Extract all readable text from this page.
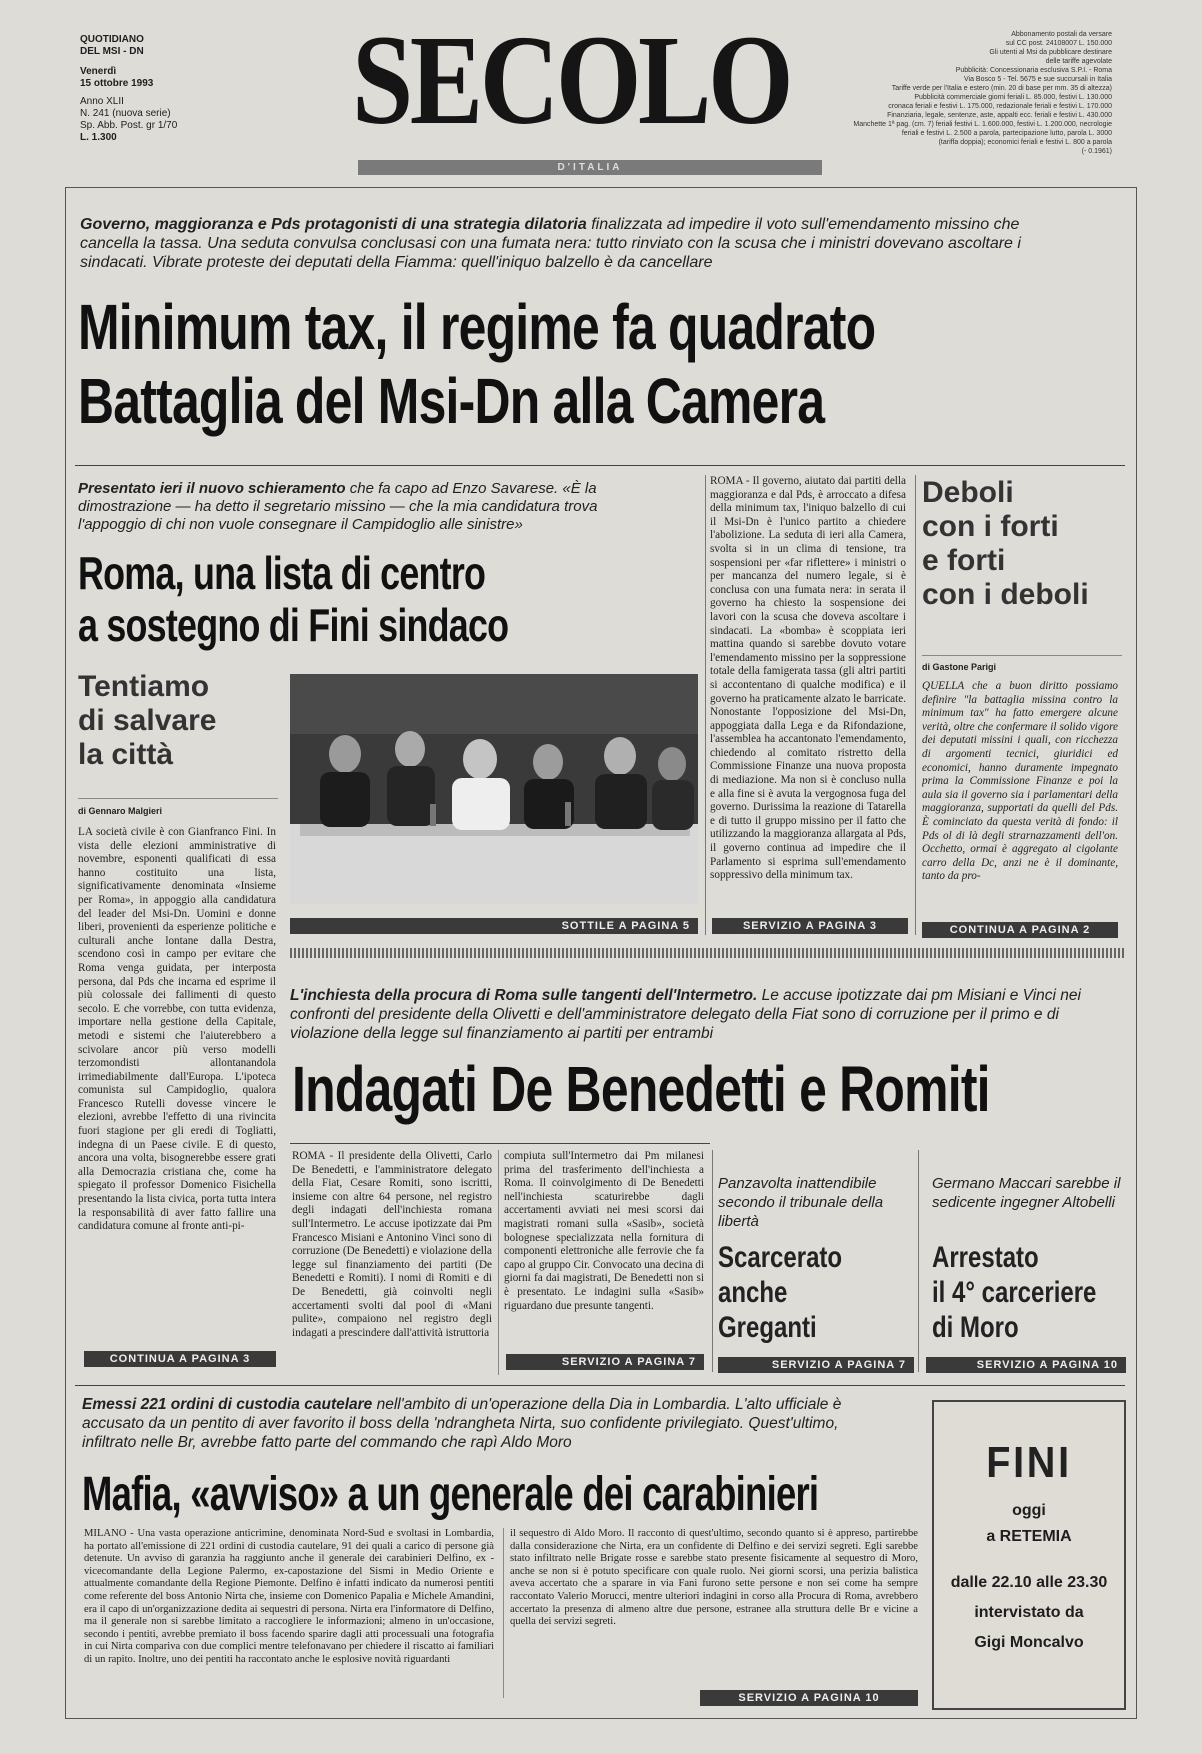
QUOTIDIANO
DEL MSI - DN
Venerdì
15 ottobre 1993
Anno XLII
N. 241 (nuova serie)
Sp. Abb. Post. gr 1/70
L. 1.300	SECOLO
D'ITALIA
Abbonamento postali da versare
sul CC post. 24108007 L. 150.000
Gli utenti al Msi da pubblicare destinare
delle tariffe agevolate
Pubblicità: Concessionaria esclusiva S.P.I. - Roma
Via Bosco 5 - Tel. 5675 e sue succursali in Italia
Tariffe verde per l'Italia e estero (min. 20 di base per mm. 35 di altezza)
Pubblicità commerciale giorni feriali L. 85.000, festivi L. 130.000
cronaca feriali e festivi L. 175.000, redazionale feriali e festivi L. 170.000
Finanziaria, legale, sentenze, aste, appalti ecc. feriali e festivi L. 430.000
Manchette 1ª pag. (cm. 7) feriali festivi L. 1.600.000, festivi L. 1.200.000, necrologie
feriali e festivi L. 2.500 a parola, partecipazione lutto, parola L. 3000
(tariffa doppia); economici feriali e festivi L. 800 a parola
(- 0.1961)
Governo, maggioranza e Pds protagonisti di una strategia dilatoria finalizzata ad impedire il voto sull'emendamento missino che cancella la tassa. Una seduta convulsa conclusasi con una fumata nera: tutto rinviato con la scusa che i ministri dovevano ascoltare i sindacati. Vibrate proteste dei deputati della Fiamma: quell'iniquo balzello è da cancellare
Minimum tax, il regime fa quadrato
Battaglia del Msi-Dn alla Camera
Presentato ieri il nuovo schieramento che fa capo ad Enzo Savarese. «È la dimostrazione — ha detto il segretario missino — che la mia candidatura trova l'appoggio di chi non vuole consegnare il Campidoglio alle sinistre»
Roma, una lista di centro
a sostegno di Fini sindaco
Tentiamo
di salvare
la città
di Gennaro Malgieri
LA società civile è con Gianfranco Fini. In vista delle elezioni amministrative di novembre, esponenti qualificati di essa hanno costituito una lista, significativamente denominata «Insieme per Roma», in appoggio alla candidatura del leader del Msi-Dn. Uomini e donne liberi, provenienti da esperienze politiche e culturali anche lontane dalla Destra, scendono così in campo per evitare che Roma venga guidata, per interposta persona, dal Pds che incarna ed esprime il più colossale dei fallimenti di questo secolo. E che vorrebbe, con tutta evidenza, importare nella gestione della Capitale, metodi e sistemi che l'aiuterebbero a scivolare ancor più verso modelli terzomondisti allontanandola irrimediabilmente dall'Europa. L'ipoteca comunista sul Campidoglio, qualora Francesco Rutelli dovesse vincere le elezioni, avrebbe l'effetto di una rivincita fuori stagione per gli eredi di Togliatti, indegna di un Paese civile. E di questo, ancora una volta, bisognerebbe essere grati alla Democrazia cristiana che, come ha spiegato il professor Domenico Fisichella presentando la lista civica, porta tutta intera la responsabilità di aver fatto fallire una candidatura comune al fronte anti-pi-
CONTINUA A PAGINA 3
SOTTILE A PAGINA 5
ROMA - Il governo, aiutato dai partiti della maggioranza e dal Pds, è arroccato a difesa della minimum tax, l'iniquo balzello di cui il Msi-Dn è l'unico partito a chiedere l'abolizione. La seduta di ieri alla Camera, svolta si in un clima di tensione, tra sospensioni per «far riflettere» i ministri o per mancanza del numero legale, si è conclusa con una fumata nera: in serata il governo ha chiesto la sospensione dei lavori con la scusa che doveva ascoltare i sindacati. La «bomba» è scoppiata ieri mattina quando si sarebbe dovuto votare l'emendamento missino per la soppressione totale della famigerata tassa (gli altri partiti si accontentano di qualche modifica) e il governo ha praticamente alzato le barricate. Nonostante l'opposizione del Msi-Dn, appoggiata dalla Lega e da Rifondazione, l'assemblea ha accantonato l'emendamento, chiedendo al comitato ristretto della Commissione Finanze una nuova proposta di mediazione. Ma non si è concluso nulla e alla fine si è avuta la vergognosa fuga del governo. Durissima la reazione di Tatarella e di tutto il gruppo missino per il fatto che utilizzando la maggioranza allargata al Pds, il governo continua ad impedire che il Parlamento si esprima sull'emendamento soppressivo della minimum tax.
SERVIZIO A PAGINA 3
Deboli
con i forti
e forti
con i deboli
di Gastone Parigi
QUELLA che a buon diritto possiamo definire "la battaglia missina contro la minimum tax" ha fatto emergere alcune verità, oltre che confermare il solido vigore dei deputati missini i quali, con ricchezza di argomenti tecnici, giuridici ed economici, hanno duramente impegnato prima la Commissione Finanze e poi la aula sia il governo sia i parlamentari della maggioranza, supportati da quelli del Pds. È cominciato da questa verità di fondo: il Pds ol di là degli strarnazzamenti dell'on. Occhetto, ormai è aggregato al cigolante carro della Dc, anzi ne è il dominante, tanto da pro-
CONTINUA A PAGINA 2
L'inchiesta della procura di Roma sulle tangenti dell'Intermetro. Le accuse ipotizzate dai pm Misiani e Vinci nei confronti del presidente della Olivetti e dell'amministratore delegato della Fiat sono di corruzione per il primo e di violazione della legge sul finanziamento ai partiti per entrambi
Indagati De Benedetti e Romiti
ROMA - Il presidente della Olivetti, Carlo De Benedetti, e l'amministratore delegato della Fiat, Cesare Romiti, sono iscritti, insieme con altre 64 persone, nel registro degli indagati dell'inchiesta romana sull'Intermetro. Le accuse ipotizzate dai Pm Francesco Misiani e Antonino Vinci sono di corruzione (De Benedetti) e violazione della legge sul finanziamento dei partiti (De Benedetti e Romiti). I nomi di Romiti e di De Benedetti, già coinvolti negli accertamenti svolti dal pool di «Mani pulite», compaiono nel registro degli indagati a prescindere dall'attività istruttoria
compiuta sull'Intermetro dai Pm milanesi prima del trasferimento dell'inchiesta a Roma. Il coinvolgimento di De Benedetti nell'inchiesta scaturirebbe dagli accertamenti avviati nei mesi scorsi dai magistrati romani sulla «Sasib», società bolognese specializzata nella fornitura di componenti elettroniche alle ferrovie che fa capo al gruppo Cir. Convocato una decina di giorni fa dai magistrati, De Benedetti non si è presentato. Le indagini sulla «Sasib» riguardano due presunte tangenti.
SERVIZIO A PAGINA 7
Panzavolta inattendibile secondo il tribunale della libertà
Scarcerato
anche
Greganti
SERVIZIO A PAGINA 7
Germano Maccari sarebbe il sedicente ingegner Altobelli
Arrestato
il 4° carceriere
di Moro
SERVIZIO A PAGINA 10
Emessi 221 ordini di custodia cautelare nell'ambito di un'operazione della Dia in Lombardia. L'alto ufficiale è accusato da un pentito di aver favorito il boss della 'ndrangheta Nirta, suo confidente privilegiato. Quest'ultimo, infiltrato nelle Br, avrebbe fatto parte del commando che rapì Aldo Moro
Mafia, «avviso» a un generale dei carabinieri
MILANO - Una vasta operazione anticrimine, denominata Nord-Sud e svoltasi in Lombardia, ha portato all'emissione di 221 ordini di custodia cautelare, 91 dei quali a carico di persone già detenute. Un avviso di garanzia ha raggiunto anche il generale dei carabinieri Delfino, ex - vicecomandante della Legione Palermo, ex-capostazione del Sismi in Medio Oriente e attualmente comandante della Regione Piemonte. Delfino è infatti indicato da numerosi pentiti come referente del boss Antonio Nirta che, insieme con Domenico Papalia e Michele Amandini, era il capo di un'organizzazione dedita ai sequestri di persona. Nirta era l'informatore di Delfino, ma il generale non si sarebbe limitato a raccogliere le informazioni; almeno in un'occasione, secondo i pentiti, avrebbe premiato il boss facendo sparire dagli atti processuali una fotografia in cui Nirta compariva con due complici mentre telefonavano per chiedere il riscatto ai familiari di un rapito. Inoltre, uno dei pentiti ha raccontato anche le esplosive novità riguardanti
il sequestro di Aldo Moro. Il racconto di quest'ultimo, secondo quanto si è appreso, partirebbe dalla considerazione che Nirta, era un confidente di Delfino e dei servizi segreti. Egli sarebbe stato infiltrato nelle Brigate rosse e sarebbe stato presente fisicamente al sequestro di Moro, anche se non si è potuto specificare con quale ruolo. Nei giorni scorsi, una perizia balistica aveva accertato che a sparare in via Fani furono sette persone e non sei come ha sempre raccontato Valerio Morucci, mentre ulteriori indagini in corso alla Procura di Roma, avrebbero accertato la presenza di almeno altre due persone, estranee alla struttura delle Br e vicine a quella dei servizi segreti.
SERVIZIO A PAGINA 10
FINI
oggi
a RETEMIA
dalle 22.10 alle 23.30
intervistato da
Gigi Moncalvo
